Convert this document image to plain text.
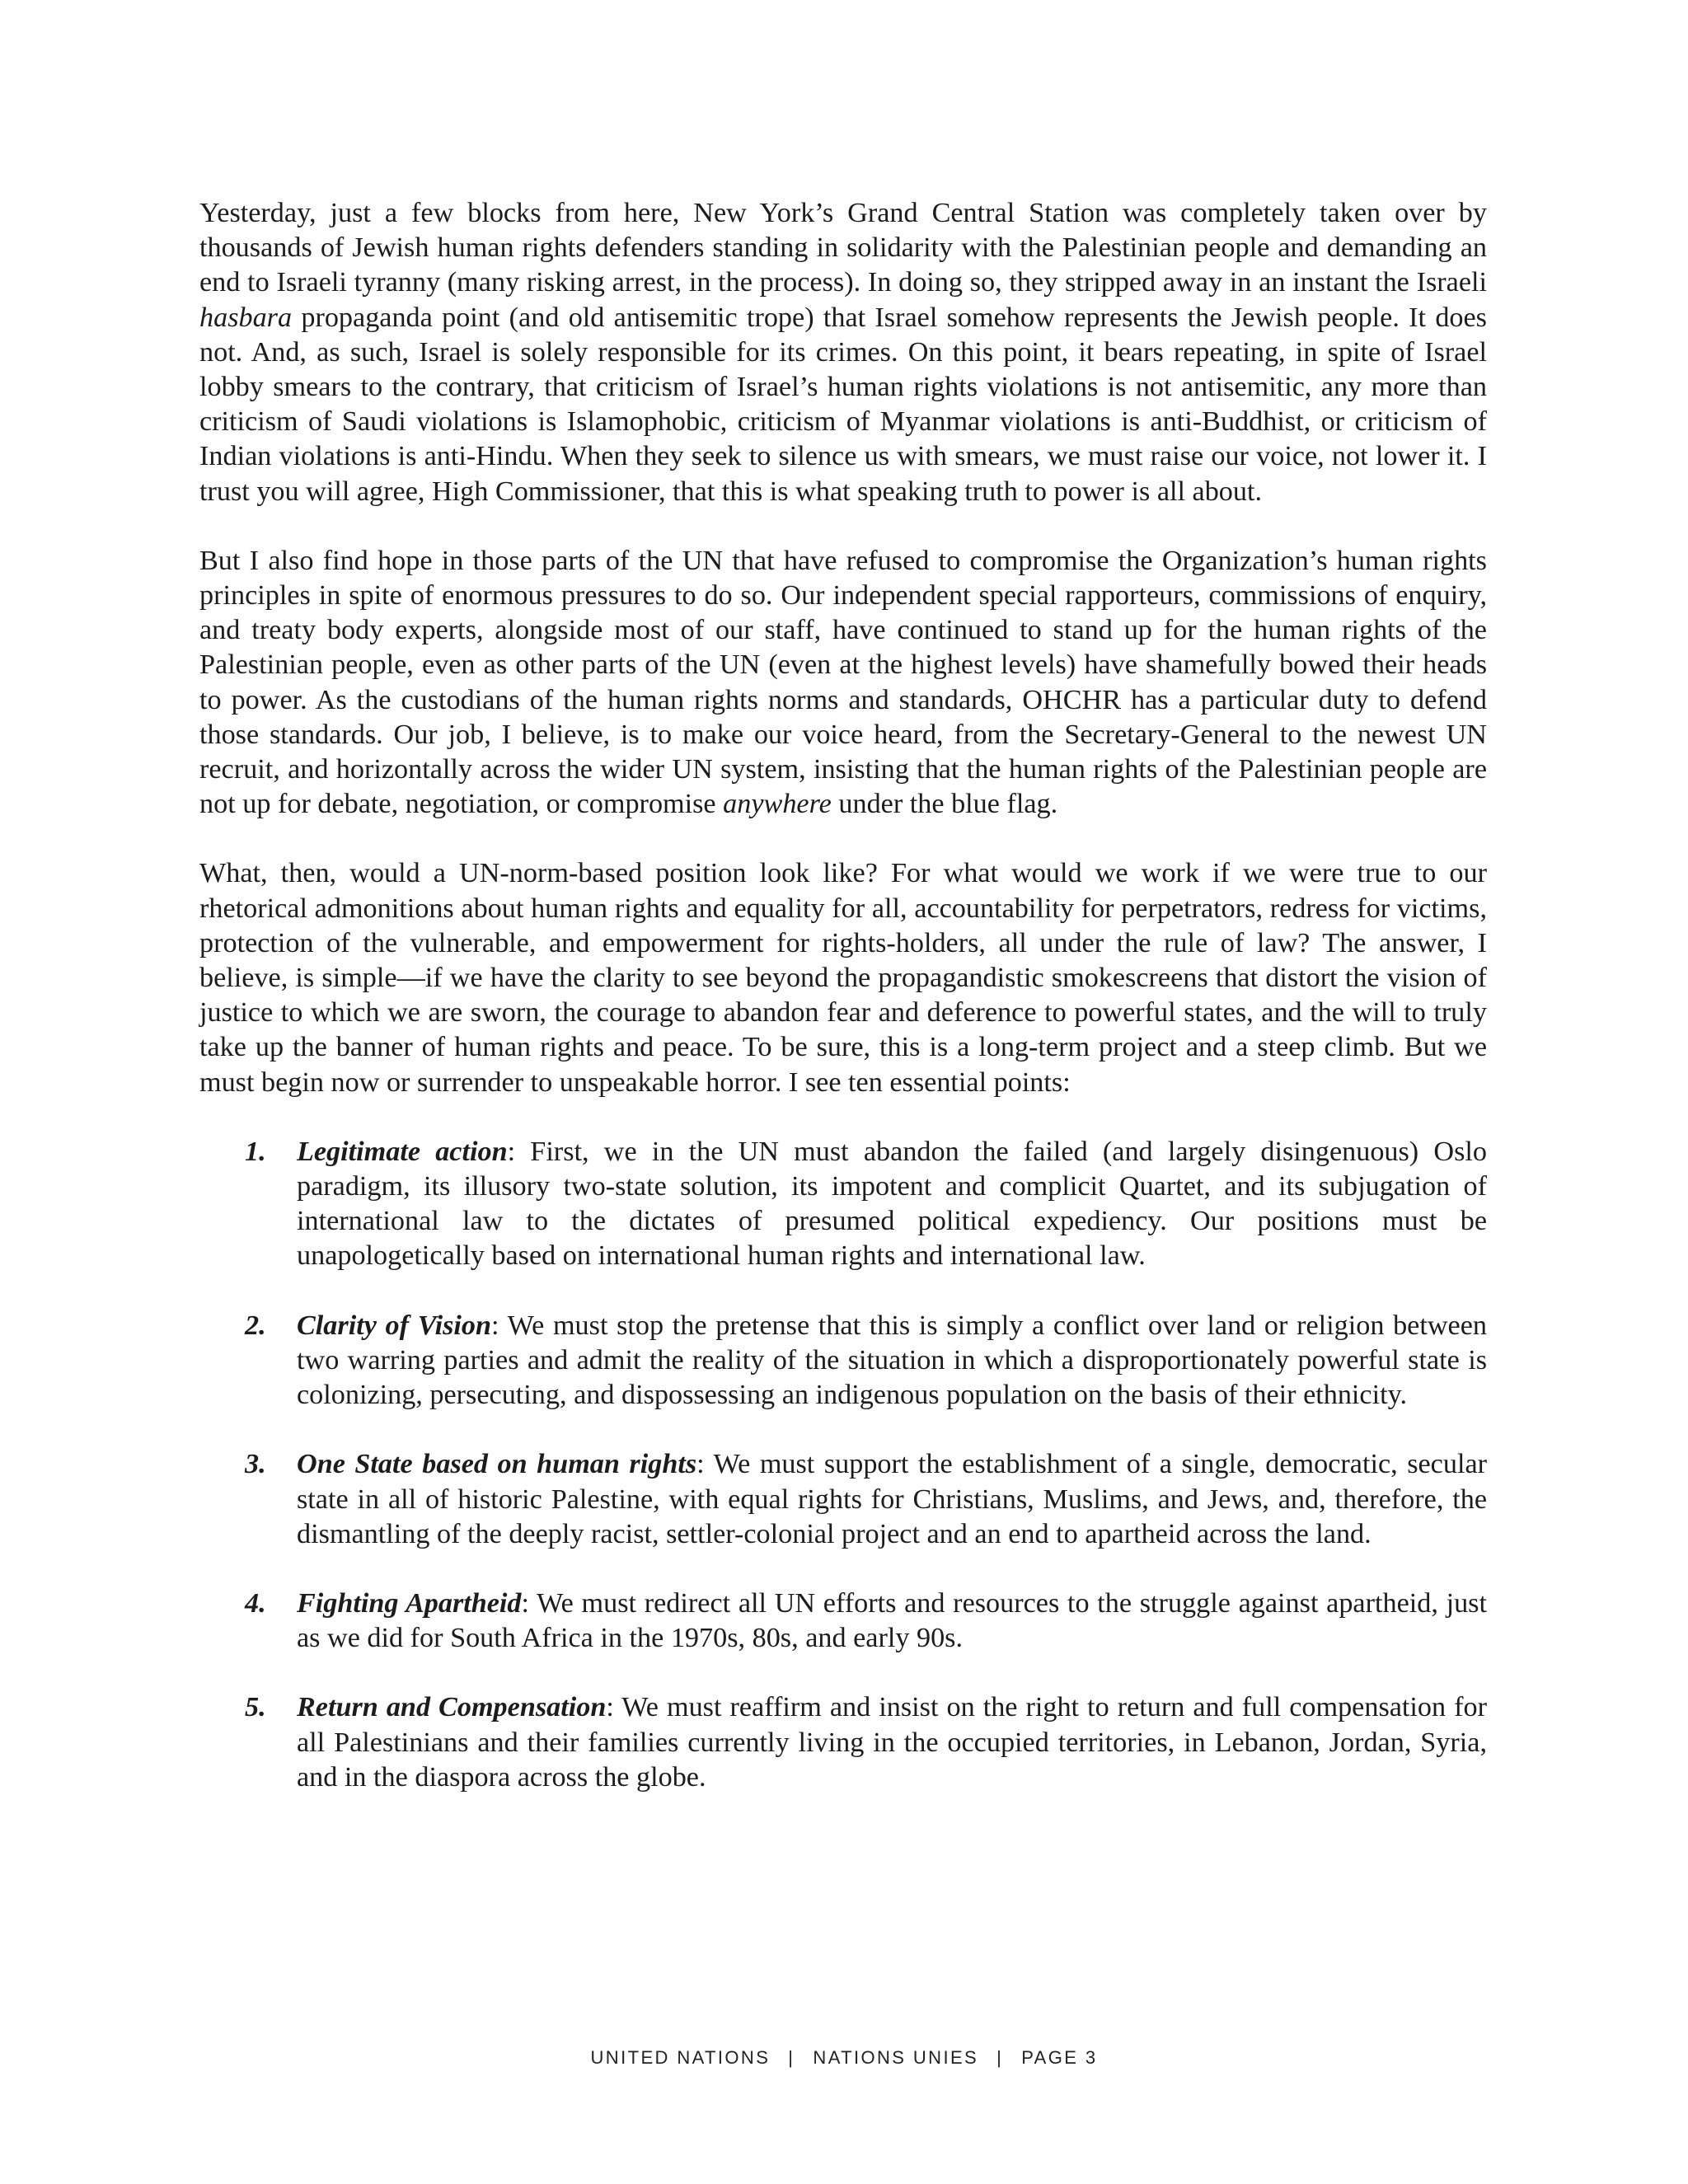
Yesterday, just a few blocks from here, New York’s Grand Central Station was completely taken over by thousands of Jewish human rights defenders standing in solidarity with the Palestinian people and demanding an end to Israeli tyranny (many risking arrest, in the process). In doing so, they stripped away in an instant the Israeli hasbara propaganda point (and old antisemitic trope) that Israel somehow represents the Jewish people. It does not. And, as such, Israel is solely responsible for its crimes. On this point, it bears repeating, in spite of Israel lobby smears to the contrary, that criticism of Israel’s human rights violations is not antisemitic, any more than criticism of Saudi violations is Islamophobic, criticism of Myanmar violations is anti-Buddhist, or criticism of Indian violations is anti-Hindu. When they seek to silence us with smears, we must raise our voice, not lower it. I trust you will agree, High Commissioner, that this is what speaking truth to power is all about.

But I also find hope in those parts of the UN that have refused to compromise the Organization’s human rights principles in spite of enormous pressures to do so. Our independent special rapporteurs, commissions of enquiry, and treaty body experts, alongside most of our staff, have continued to stand up for the human rights of the Palestinian people, even as other parts of the UN (even at the highest levels) have shamefully bowed their heads to power. As the custodians of the human rights norms and standards, OHCHR has a particular duty to defend those standards. Our job, I believe, is to make our voice heard, from the Secretary-General to the newest UN recruit, and horizontally across the wider UN system, insisting that the human rights of the Palestinian people are not up for debate, negotiation, or compromise anywhere under the blue flag.

What, then, would a UN-norm-based position look like? For what would we work if we were true to our rhetorical admonitions about human rights and equality for all, accountability for perpetrators, redress for victims, protection of the vulnerable, and empowerment for rights-holders, all under the rule of law? The answer, I believe, is simple—if we have the clarity to see beyond the propagandistic smokescreens that distort the vision of justice to which we are sworn, the courage to abandon fear and deference to powerful states, and the will to truly take up the banner of human rights and peace. To be sure, this is a long-term project and a steep climb. But we must begin now or surrender to unspeakable horror. I see ten essential points:

1. Legitimate action: First, we in the UN must abandon the failed (and largely disingenuous) Oslo paradigm, its illusory two-state solution, its impotent and complicit Quartet, and its subjugation of international law to the dictates of presumed political expediency. Our positions must be unapologetically based on international human rights and international law.
2. Clarity of Vision: We must stop the pretense that this is simply a conflict over land or religion between two warring parties and admit the reality of the situation in which a disproportionately powerful state is colonizing, persecuting, and dispossessing an indigenous population on the basis of their ethnicity.
3. One State based on human rights: We must support the establishment of a single, democratic, secular state in all of historic Palestine, with equal rights for Christians, Muslims, and Jews, and, therefore, the dismantling of the deeply racist, settler-colonial project and an end to apartheid across the land.
4. Fighting Apartheid: We must redirect all UN efforts and resources to the struggle against apartheid, just as we did for South Africa in the 1970s, 80s, and early 90s.
5. Return and Compensation: We must reaffirm and insist on the right to return and full compensation for all Palestinians and their families currently living in the occupied territories, in Lebanon, Jordan, Syria, and in the diaspora across the globe.
UNITED NATIONS | NATIONS UNIES | PAGE 3
